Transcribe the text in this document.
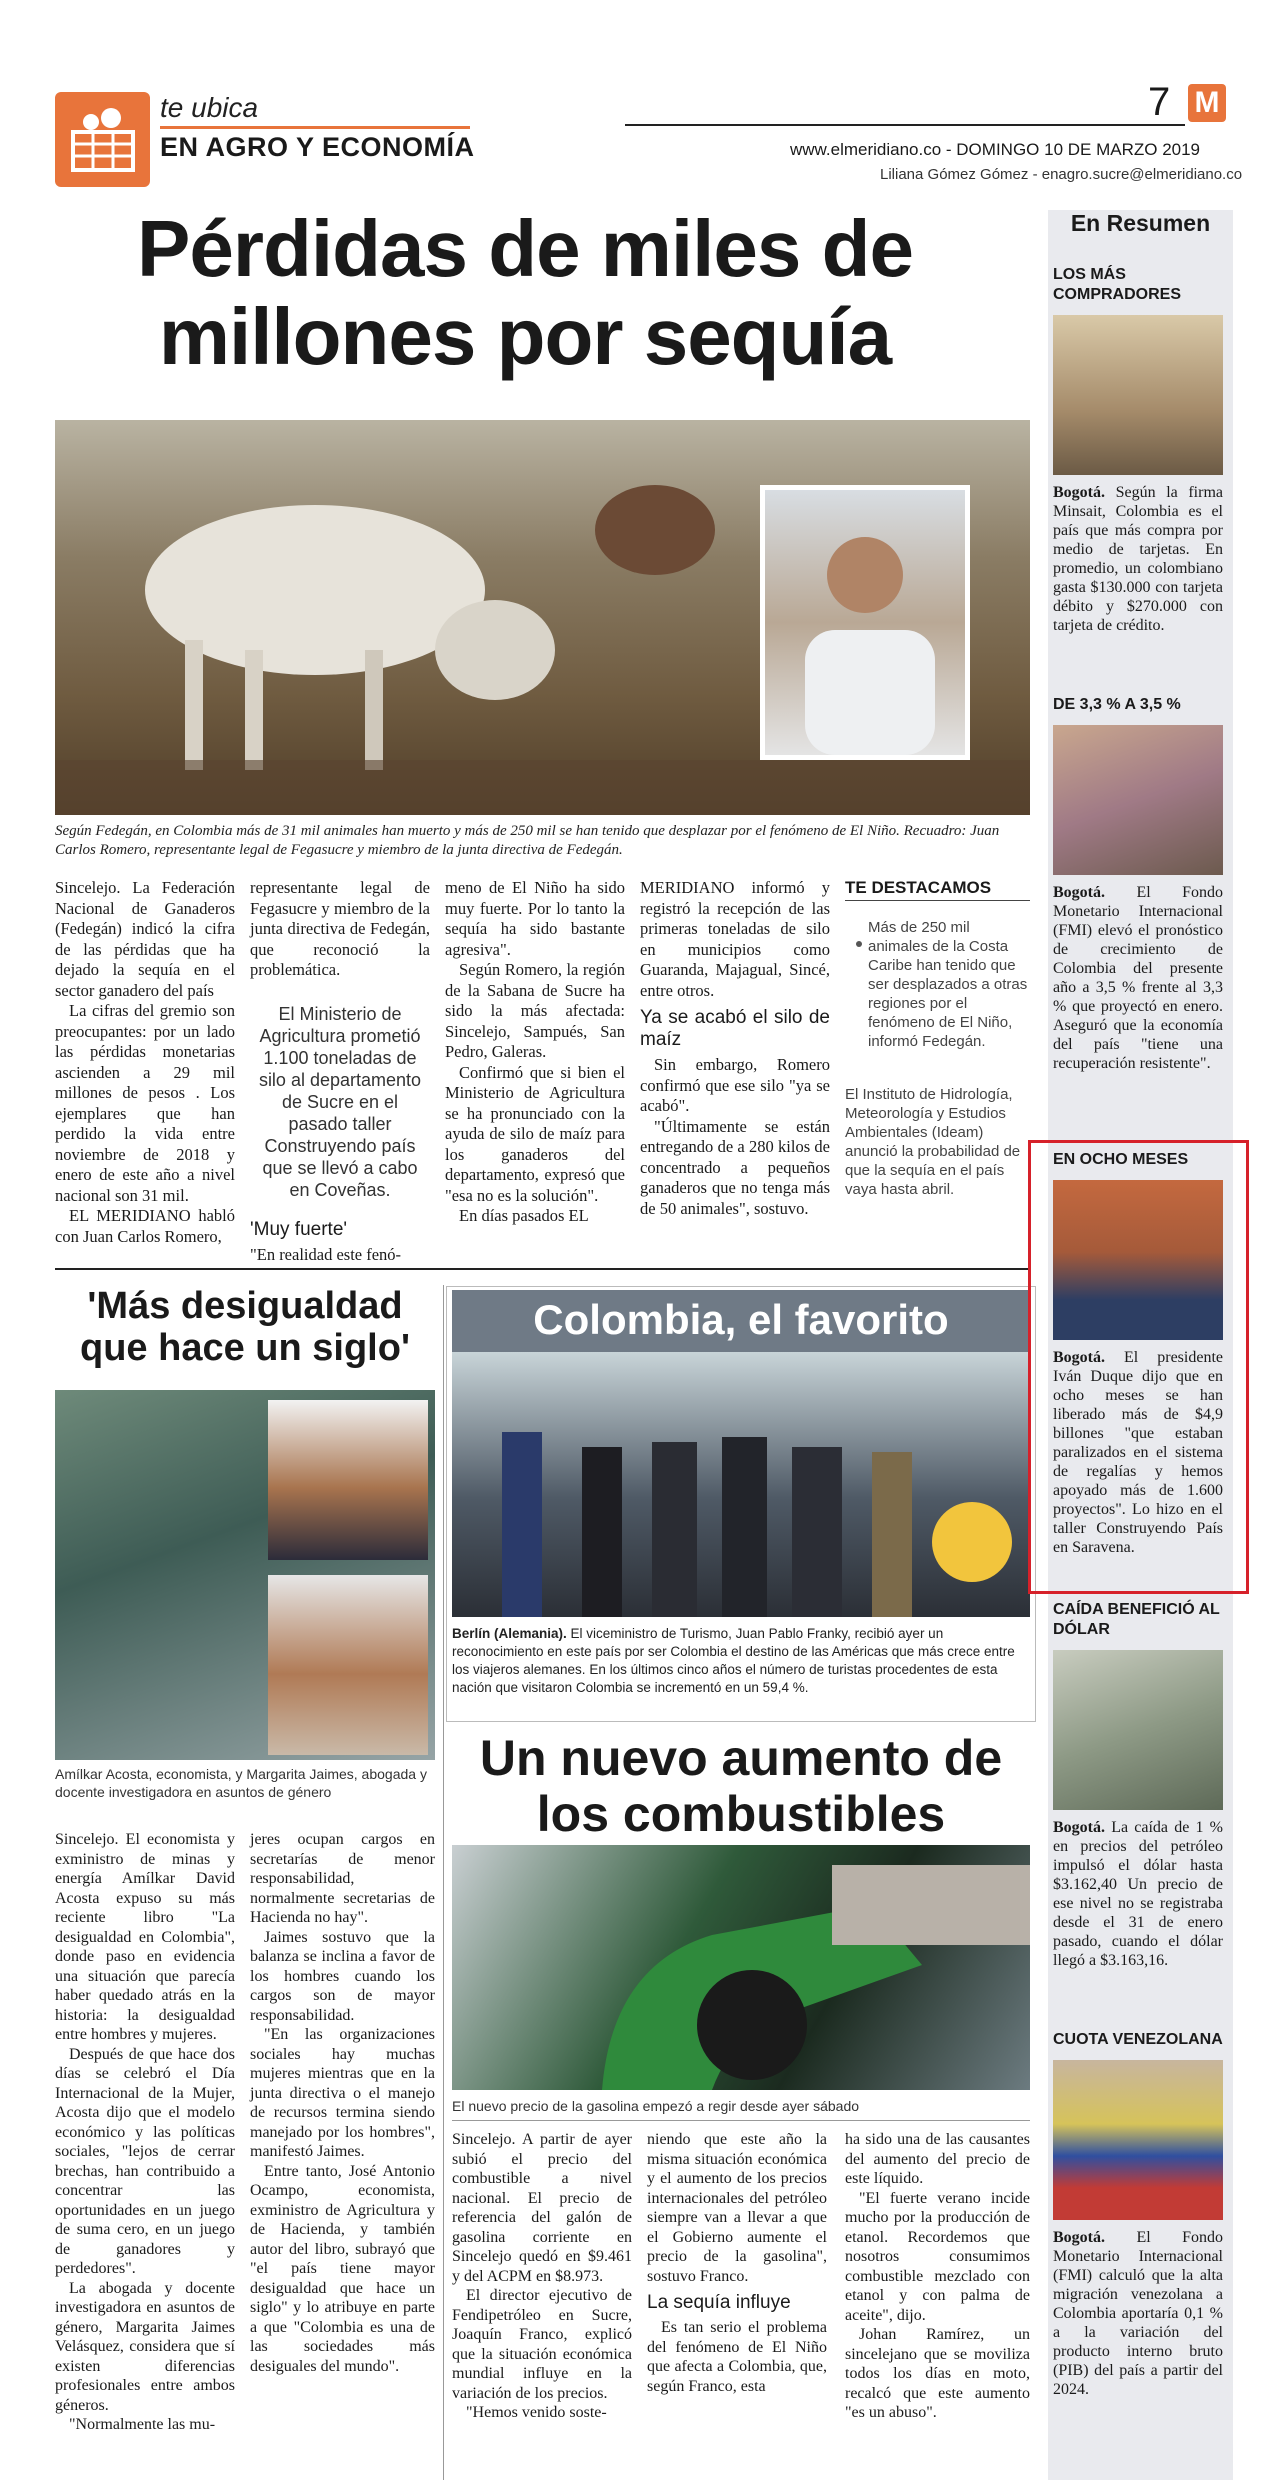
te ubica
EN AGRO Y ECONOMÍA
7 M
www.elmeridiano.co - DOMINGO 10 DE MARZO 2019
Liliana Gómez Gómez - enagro.sucre@elmeridiano.co
Pérdidas de miles de millones por sequía
Según Fedegán, en Colombia más de 31 mil animales han muerto y más de 250 mil se han tenido que desplazar por el fenómeno de El Niño. Recuadro: Juan Carlos Romero, representante legal de Fegasucre y miembro de la junta directiva de Fedegán.

Sincelejo. La Federación Nacional de Ganaderos (Fedegán) indicó la cifra de las pérdidas que ha dejado la sequía en el sector ganadero del país

La cifras del gremio son preocupantes: por un lado las pérdidas monetarias ascienden a 29 mil millones de pesos . Los ejemplares que han perdido la vida entre noviembre de 2018 y enero de este año a nivel nacional son 31 mil.

EL MERIDIANO habló con Juan Carlos Romero,

representante legal de Fegasucre y miembro de la junta directiva de Fedegán, que reconoció la problemática.

El Ministerio de Agricultura prometió 1.100 toneladas de silo al departamento de Sucre en el pasado taller Construyendo país que se llevó a cabo en Coveñas.
'Muy fuerte'

"En realidad este fenó-

meno de El Niño ha sido muy fuerte. Por lo tanto la sequía ha sido bastante agresiva".

Según Romero, la región de la Sabana de Sucre ha sido la más afectada: Sincelejo, Sampués, San Pedro, Galeras.

Confirmó que si bien el Ministerio de Agricultura se ha pronunciado con la ayuda de silo de maíz para los ganaderos del departamento, expresó que "esa no es la solución".

En días pasados EL

MERIDIANO informó y registró la recepción de las primeras toneladas de silo en municipios como Guaranda, Majagual, Sincé, entre otros.

Ya se acabó el silo de maíz

Sin embargo, Romero confirmó que ese silo "ya se acabó".

"Últimamente se están entregando de a 280 kilos de concentrado a pequeños ganaderos que no tenga más de 50 animales", sostuvo.

TE DESTACAMOS
Más de 250 mil animales de la Costa Caribe han tenido que ser desplazados a otras regiones por el fenómeno de El Niño, informó Fedegán.
El Instituto de Hidrología, Meteorología y Estudios Ambientales (Ideam) anunció la probabilidad de que la sequía en el país vaya hasta abril.
'Más desigualdad que hace un siglo'
Amílkar Acosta, economista, y Margarita Jaimes, abogada y docente investigadora en asuntos de género

Sincelejo. El economista y exministro de minas y energía Amílkar David Acosta expuso su más reciente libro "La desigualdad en Colombia", donde paso en evidencia una situación que parecía haber quedado atrás en la historia: la desigualdad entre hombres y mujeres.

Después de que hace dos días se celebró el Día Internacional de la Mujer, Acosta dijo que el modelo económico y las políticas sociales, "lejos de cerrar brechas, han contribuido a concentrar las oportunidades en un juego de suma cero, en un juego de ganadores y perdedores".

La abogada y docente investigadora en asuntos de género, Margarita Jaimes Velásquez, considera que sí existen diferencias profesionales entre ambos géneros.

"Normalmente las mu-

jeres ocupan cargos en secretarías de menor responsabilidad, normalmente secretarias de Hacienda no hay".

Jaimes sostuvo que la balanza se inclina a favor de los hombres cuando los cargos son de mayor responsabilidad.

"En las organizaciones sociales hay muchas mujeres mientras que en la junta directiva o el manejo de recursos termina siendo manejado por los hombres", manifestó Jaimes.

Entre tanto, José Antonio Ocampo, economista, exministro de Agricultura y de Hacienda, y también autor del libro, subrayó que "el país tiene mayor desigualdad que hace un siglo" y lo atribuye en parte a que "Colombia es una de las sociedades más desiguales del mundo".

Colombia, el favorito
Berlín (Alemania). El viceministro de Turismo, Juan Pablo Franky, recibió ayer un reconocimiento en este país por ser Colombia el destino de las Américas que más crece entre los viajeros alemanes. En los últimos cinco años el número de turistas procedentes de esta nación que visitaron Colombia se incrementó en un 59,4 %.
Un nuevo aumento de los combustibles
El nuevo precio de la gasolina empezó a regir desde ayer sábado

Sincelejo. A partir de ayer subió el precio del combustible a nivel nacional. El precio de referencia del galón de gasolina corriente en Sincelejo quedó en $9.461 y del ACPM en $8.973.

El director ejecutivo de Fendipetróleo en Sucre, Joaquín Franco, explicó que la situación económica mundial influye en la variación de los precios.

"Hemos venido soste-

niendo que este año la misma situación económica y el aumento de los precios internacionales del petróleo siempre van a llevar a que el Gobierno aumente el precio de la gasolina", sostuvo Franco.

La sequía influye

Es tan serio el problema del fenómeno de El Niño que afecta a Colombia, que, según Franco, esta

ha sido una de las causantes del aumento del precio de este líquido.

"El fuerte verano incide mucho por la producción de etanol. Recordemos que nosotros consumimos combustible mezclado con etanol y con palma de aceite", dijo.

Johan Ramírez, un sincelejano que se moviliza todos los días en moto, recalcó que este aumento "es un abuso".

En Resumen
LOS MÁS COMPRADORES
Bogotá. Según la firma Minsait, Colombia es el país que más compra por medio de tarjetas. En promedio, un colombiano gasta $130.000 con tarjeta débito y $270.000 con tarjeta de crédito.
DE 3,3 % A 3,5 %
Bogotá. El Fondo Monetario Internacional (FMI) elevó el pronóstico de crecimiento de Colombia del presente año a 3,5 % frente al 3,3 % que proyectó en enero. Aseguró que la economía del país "tiene una recuperación resistente".
EN OCHO MESES
Bogotá. El presidente Iván Duque dijo que en ocho meses se han liberado más de $4,9 billones "que estaban paralizados en el sistema de regalías y hemos apoyado más de 1.600 proyectos". Lo hizo en el taller Construyendo País en Saravena.
CAÍDA BENEFICIÓ AL DÓLAR
Bogotá. La caída de 1 % en precios del petróleo impulsó el dólar hasta $3.162,40 Un precio de ese nivel no se registraba desde el 31 de enero pasado, cuando el dólar llegó a $3.163,16.
CUOTA VENEZOLANA
Bogotá. El Fondo Monetario Internacional (FMI) calculó que la alta migración venezolana a Colombia aportaría 0,1 % a la variación del producto interno bruto (PIB) del país a partir del 2024.
